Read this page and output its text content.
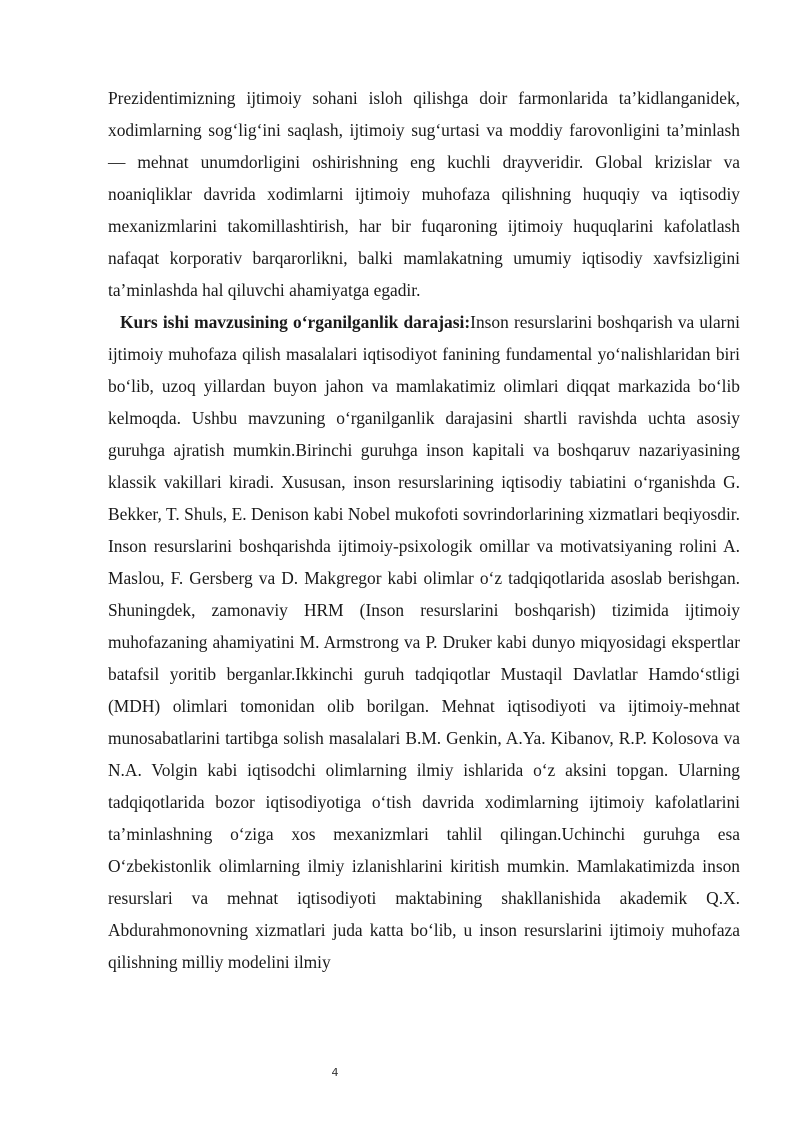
Prezidentimizning ijtimoiy sohani isloh qilishga doir farmonlarida ta’kidlanganidek, xodimlarning sog‘lig‘ini saqlash, ijtimoiy sug‘urtasi va moddiy farovonligini ta’minlash — mehnat unumdorligini oshirishning eng kuchli drayveridir. Global krizislar va noaniqliklar davrida xodimlarni ijtimoiy muhofaza qilishning huquqiy va iqtisodiy mexanizmlarini takomillashtirish, har bir fuqaroning ijtimoiy huquqlarini kafolatlash nafaqat korporativ barqarorlikni, balki mamlakatning umumiy iqtisodiy xavfsizligini ta’minlashda hal qiluvchi ahamiyatga egadir.

Kurs ishi mavzusining o‘rganilganlik darajasi:Inson resurslarini boshqarish va ularni ijtimoiy muhofaza qilish masalalari iqtisodiyot fanining fundamental yo‘nalishlaridan biri bo‘lib, uzoq yillardan buyon jahon va mamlakatimiz olimlari diqqat markazida bo‘lib kelmoqda. Ushbu mavzuning o‘rganilganlik darajasini shartli ravishda uchta asosiy guruhga ajratish mumkin.Birinchi guruhga inson kapitali va boshqaruv nazariyasining klassik vakillari kiradi. Xususan, inson resurslarining iqtisodiy tabiatini o‘rganishda G. Bekker, T. Shuls, E. Denison kabi Nobel mukofoti sovrindorlarining xizmatlari beqiyosdir. Inson resurslarini boshqarishda ijtimoiy-psixologik omillar va motivatsiyaning rolini A. Maslou, F. Gersberg va D. Makgregor kabi olimlar o‘z tadqiqotlarida asoslab berishgan. Shuningdek, zamonaviy HRM (Inson resurslarini boshqarish) tizimida ijtimoiy muhofazaning ahamiyatini M. Armstrong va P. Druker kabi dunyo miqyosidagi ekspertlar batafsil yoritib berganlar.Ikkinchi guruh tadqiqotlar Mustaqil Davlatlar Hamdo‘stligi (MDH) olimlari tomonidan olib borilgan. Mehnat iqtisodiyoti va ijtimoiy-mehnat munosabatlarini tartibga solish masalalari B.M. Genkin, A.Ya. Kibanov, R.P. Kolosova va N.A. Volgin kabi iqtisodchi olimlarning ilmiy ishlarida o‘z aksini topgan. Ularning tadqiqotlarida bozor iqtisodiyotiga o‘tish davrida xodimlarning ijtimoiy kafolatlarini ta’minlashning o‘ziga xos mexanizmlari tahlil qilingan.Uchinchi guruhga esa O‘zbekistonlik olimlarning ilmiy izlanishlarini kiritish mumkin. Mamlakatimizda inson resurslari va mehnat iqtisodiyoti maktabining shakllanishida akademik Q.X. Abdurahmonovning xizmatlari juda katta bo‘lib, u inson resurslarini ijtimoiy muhofaza qilishning milliy modelini ilmiy

4
